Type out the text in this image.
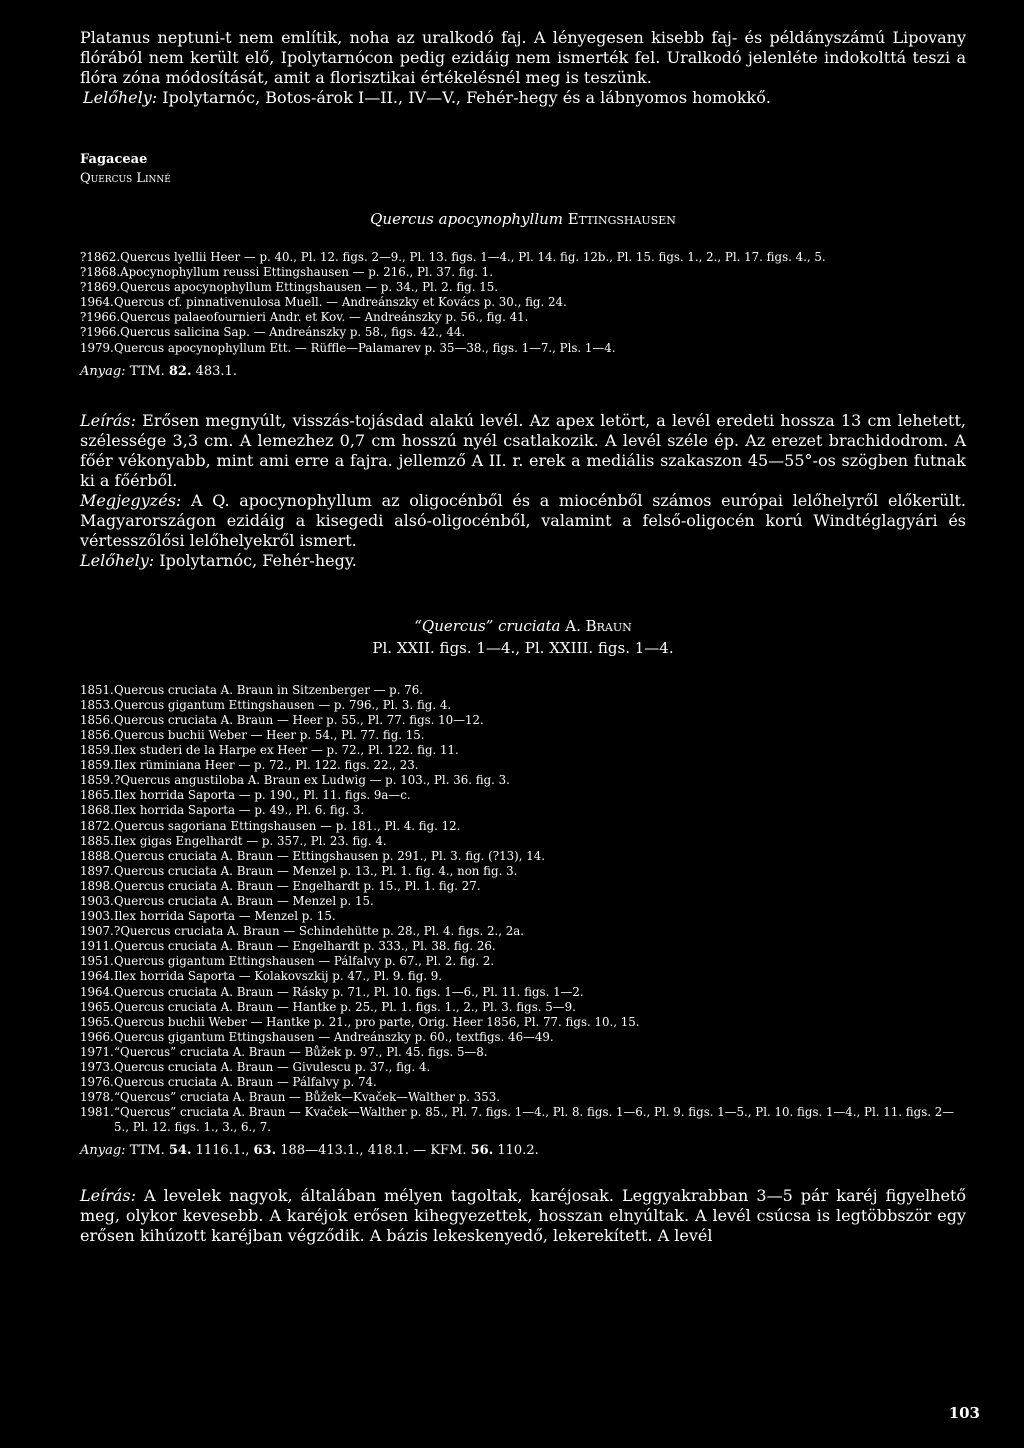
Platanus neptuni-t nem említik, noha az uralkodó faj. A lényegesen kisebb faj- és példányszámú Lipovany flórából nem került elő, Ipolytarnócon pedig ezidáig nem ismerték fel. Uralkodó jelenléte indokolttá teszi a flóra zóna módosítását, amit a florisztikai értékelésnél meg is teszünk.

Lelőhely: Ipolytarnóc, Botos-árok I—II., IV—V., Fehér-hegy és a lábnyomos homokkő.

Fagaceae
Quercus Linné
Quercus apocynophyllum Ettingshausen
?1862. Quercus lyellii Heer — p. 40., Pl. 12. figs. 2—9., Pl. 13. figs. 1—4., Pl. 14. fig. 12b., Pl. 15. figs. 1., 2., Pl. 17. figs. 4., 5.
?1868. Apocynophyllum reussi Ettingshausen — p. 216., Pl. 37. fig. 1.
?1869. Quercus apocynophyllum Ettingshausen — p. 34., Pl. 2. fig. 15.
1964. Quercus cf. pinnativenulosa Muell. — Andreánszky et Kovács p. 30., fig. 24.
?1966. Quercus palaeofournieri Andr. et Kov. — Andreánszky p. 56., fig. 41.
?1966. Quercus salicina Sap. — Andreánszky p. 58., figs. 42., 44.
1979. Quercus apocynophyllum Ett. — Rüffle—Palamarev p. 35—38., figs. 1—7., Pls. 1—4.
Anyag: TTM. 82. 483.1.

Leírás: Erősen megnyúlt, visszás-tojásdad alakú levél. Az apex letört, a levél eredeti hossza 13 cm lehetett, szélessége 3,3 cm. A lemezhez 0,7 cm hosszú nyél csatlakozik. A levél széle ép. Az erezet brachidodrom. A főér vékonyabb, mint ami erre a fajra. jellemző A II. r. erek a mediális szakaszon 45—55°-os szögben futnak ki a főérből.

Megjegyzés: A Q. apocynophyllum az oligocénből és a miocénből számos európai lelőhelyről előkerült. Magyarországon ezidáig a kisegedi alsó-oligocénből, valamint a felső-oligocén korú Windtéglagyári és vértesszőlősi lelőhelyekről ismert.

Lelőhely: Ipolytarnóc, Fehér-hegy.

“Quercus” cruciata A. Braun
Pl. XXII. figs. 1—4., Pl. XXIII. figs. 1—4.
1851. Quercus cruciata A. Braun in Sitzenberger — p. 76.
1853. Quercus gigantum Ettingshausen — p. 796., Pl. 3. fig. 4.
1856. Quercus cruciata A. Braun — Heer p. 55., Pl. 77. figs. 10—12.
1856. Quercus buchii Weber — Heer p. 54., Pl. 77. fig. 15.
1859. Ilex studeri de la Harpe ex Heer — p. 72., Pl. 122. fig. 11.
1859. Ilex rüminiana Heer — p. 72., Pl. 122. figs. 22., 23.
1859. ?Quercus angustiloba A. Braun ex Ludwig — p. 103., Pl. 36. fig. 3.
1865. Ilex horrida Saporta — p. 190., Pl. 11. figs. 9a—c.
1868. Ilex horrida Saporta — p. 49., Pl. 6. fig. 3.
1872. Quercus sagoriana Ettingshausen — p. 181., Pl. 4. fig. 12.
1885. Ilex gigas Engelhardt — p. 357., Pl. 23. fig. 4.
1888. Quercus cruciata A. Braun — Ettingshausen p. 291., Pl. 3. fig. (?13), 14.
1897. Quercus cruciata A. Braun — Menzel p. 13., Pl. 1. fig. 4., non fig. 3.
1898. Quercus cruciata A. Braun — Engelhardt p. 15., Pl. 1. fig. 27.
1903. Quercus cruciata A. Braun — Menzel p. 15.
1903. Ilex horrida Saporta — Menzel p. 15.
1907. ?Quercus cruciata A. Braun — Schindehütte p. 28., Pl. 4. figs. 2., 2a.
1911. Quercus cruciata A. Braun — Engelhardt p. 333., Pl. 38. fig. 26.
1951. Quercus gigantum Ettingshausen — Pálfalvy p. 67., Pl. 2. fig. 2.
1964. Ilex horrida Saporta — Kolakovszkij p. 47., Pl. 9. fig. 9.
1964. Quercus cruciata A. Braun — Rásky p. 71., Pl. 10. figs. 1—6., Pl. 11. figs. 1—2.
1965. Quercus cruciata A. Braun — Hantke p. 25., Pl. 1. figs. 1., 2., Pl. 3. figs. 5—9.
1965. Quercus buchii Weber — Hantke p. 21., pro parte, Orig. Heer 1856, Pl. 77. figs. 10., 15.
1966. Quercus gigantum Ettingshausen — Andreánszky p. 60., textfigs. 46—49.
1971. “Quercus” cruciata A. Braun — Bůžek p. 97., Pl. 45. figs. 5—8.
1973. Quercus cruciata A. Braun — Givulescu p. 37., fig. 4.
1976. Quercus cruciata A. Braun — Pálfalvy p. 74.
1978. “Quercus” cruciata A. Braun — Bůžek—Kvaček—Walther p. 353.
1981. “Quercus” cruciata A. Braun — Kvaček—Walther p. 85., Pl. 7. figs. 1—4., Pl. 8. figs. 1—6., Pl. 9. figs. 1—5., Pl. 10. figs. 1—4., Pl. 11. figs. 2—5., Pl. 12. figs. 1., 3., 6., 7.
Anyag: TTM. 54. 1116.1., 63. 188—413.1., 418.1. — KFM. 56. 110.2.

Leírás: A levelek nagyok, általában mélyen tagoltak, karéjosak. Leggyakrabban 3—5 pár karéj figyelhető meg, olykor kevesebb. A karéjok erősen kihegyezettek, hosszan elnyúltak. A levél csúcsa is legtöbbször egy erősen kihúzott karéjban végződik. A bázis lekeskenyedő, lekerekített. A levél

103
